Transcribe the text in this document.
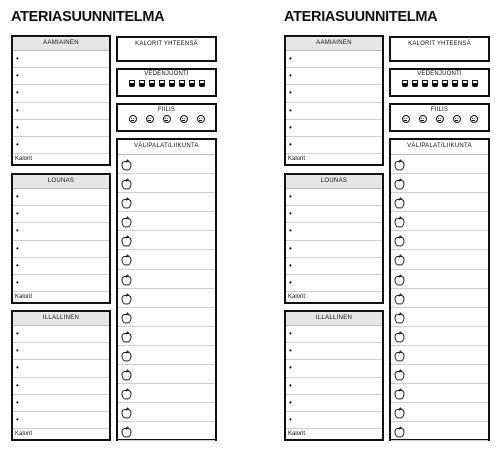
ATERIASUUNNITELMA
AAMIAINEN
•
•
•
•
•
•
Kalorit
LOUNAS
•
•
•
•
•
•
Kalorit
ILLALLINEN
•
•
•
•
•
•
Kalorit
KALORIT YHTEENSÄ
VEDENJUONTI
FIILIS
VÄLIPALAT/LIIKUNTA
ATERIASUUNNITELMA
AAMIAINEN
•
•
•
•
•
•
Kalorit
LOUNAS
•
•
•
•
•
•
Kalorit
ILLALLINEN
•
•
•
•
•
•
Kalorit
KALORIT YHTEENSÄ
VEDENJUONTI
FIILIS
VÄLIPALAT/LIIKUNTA
